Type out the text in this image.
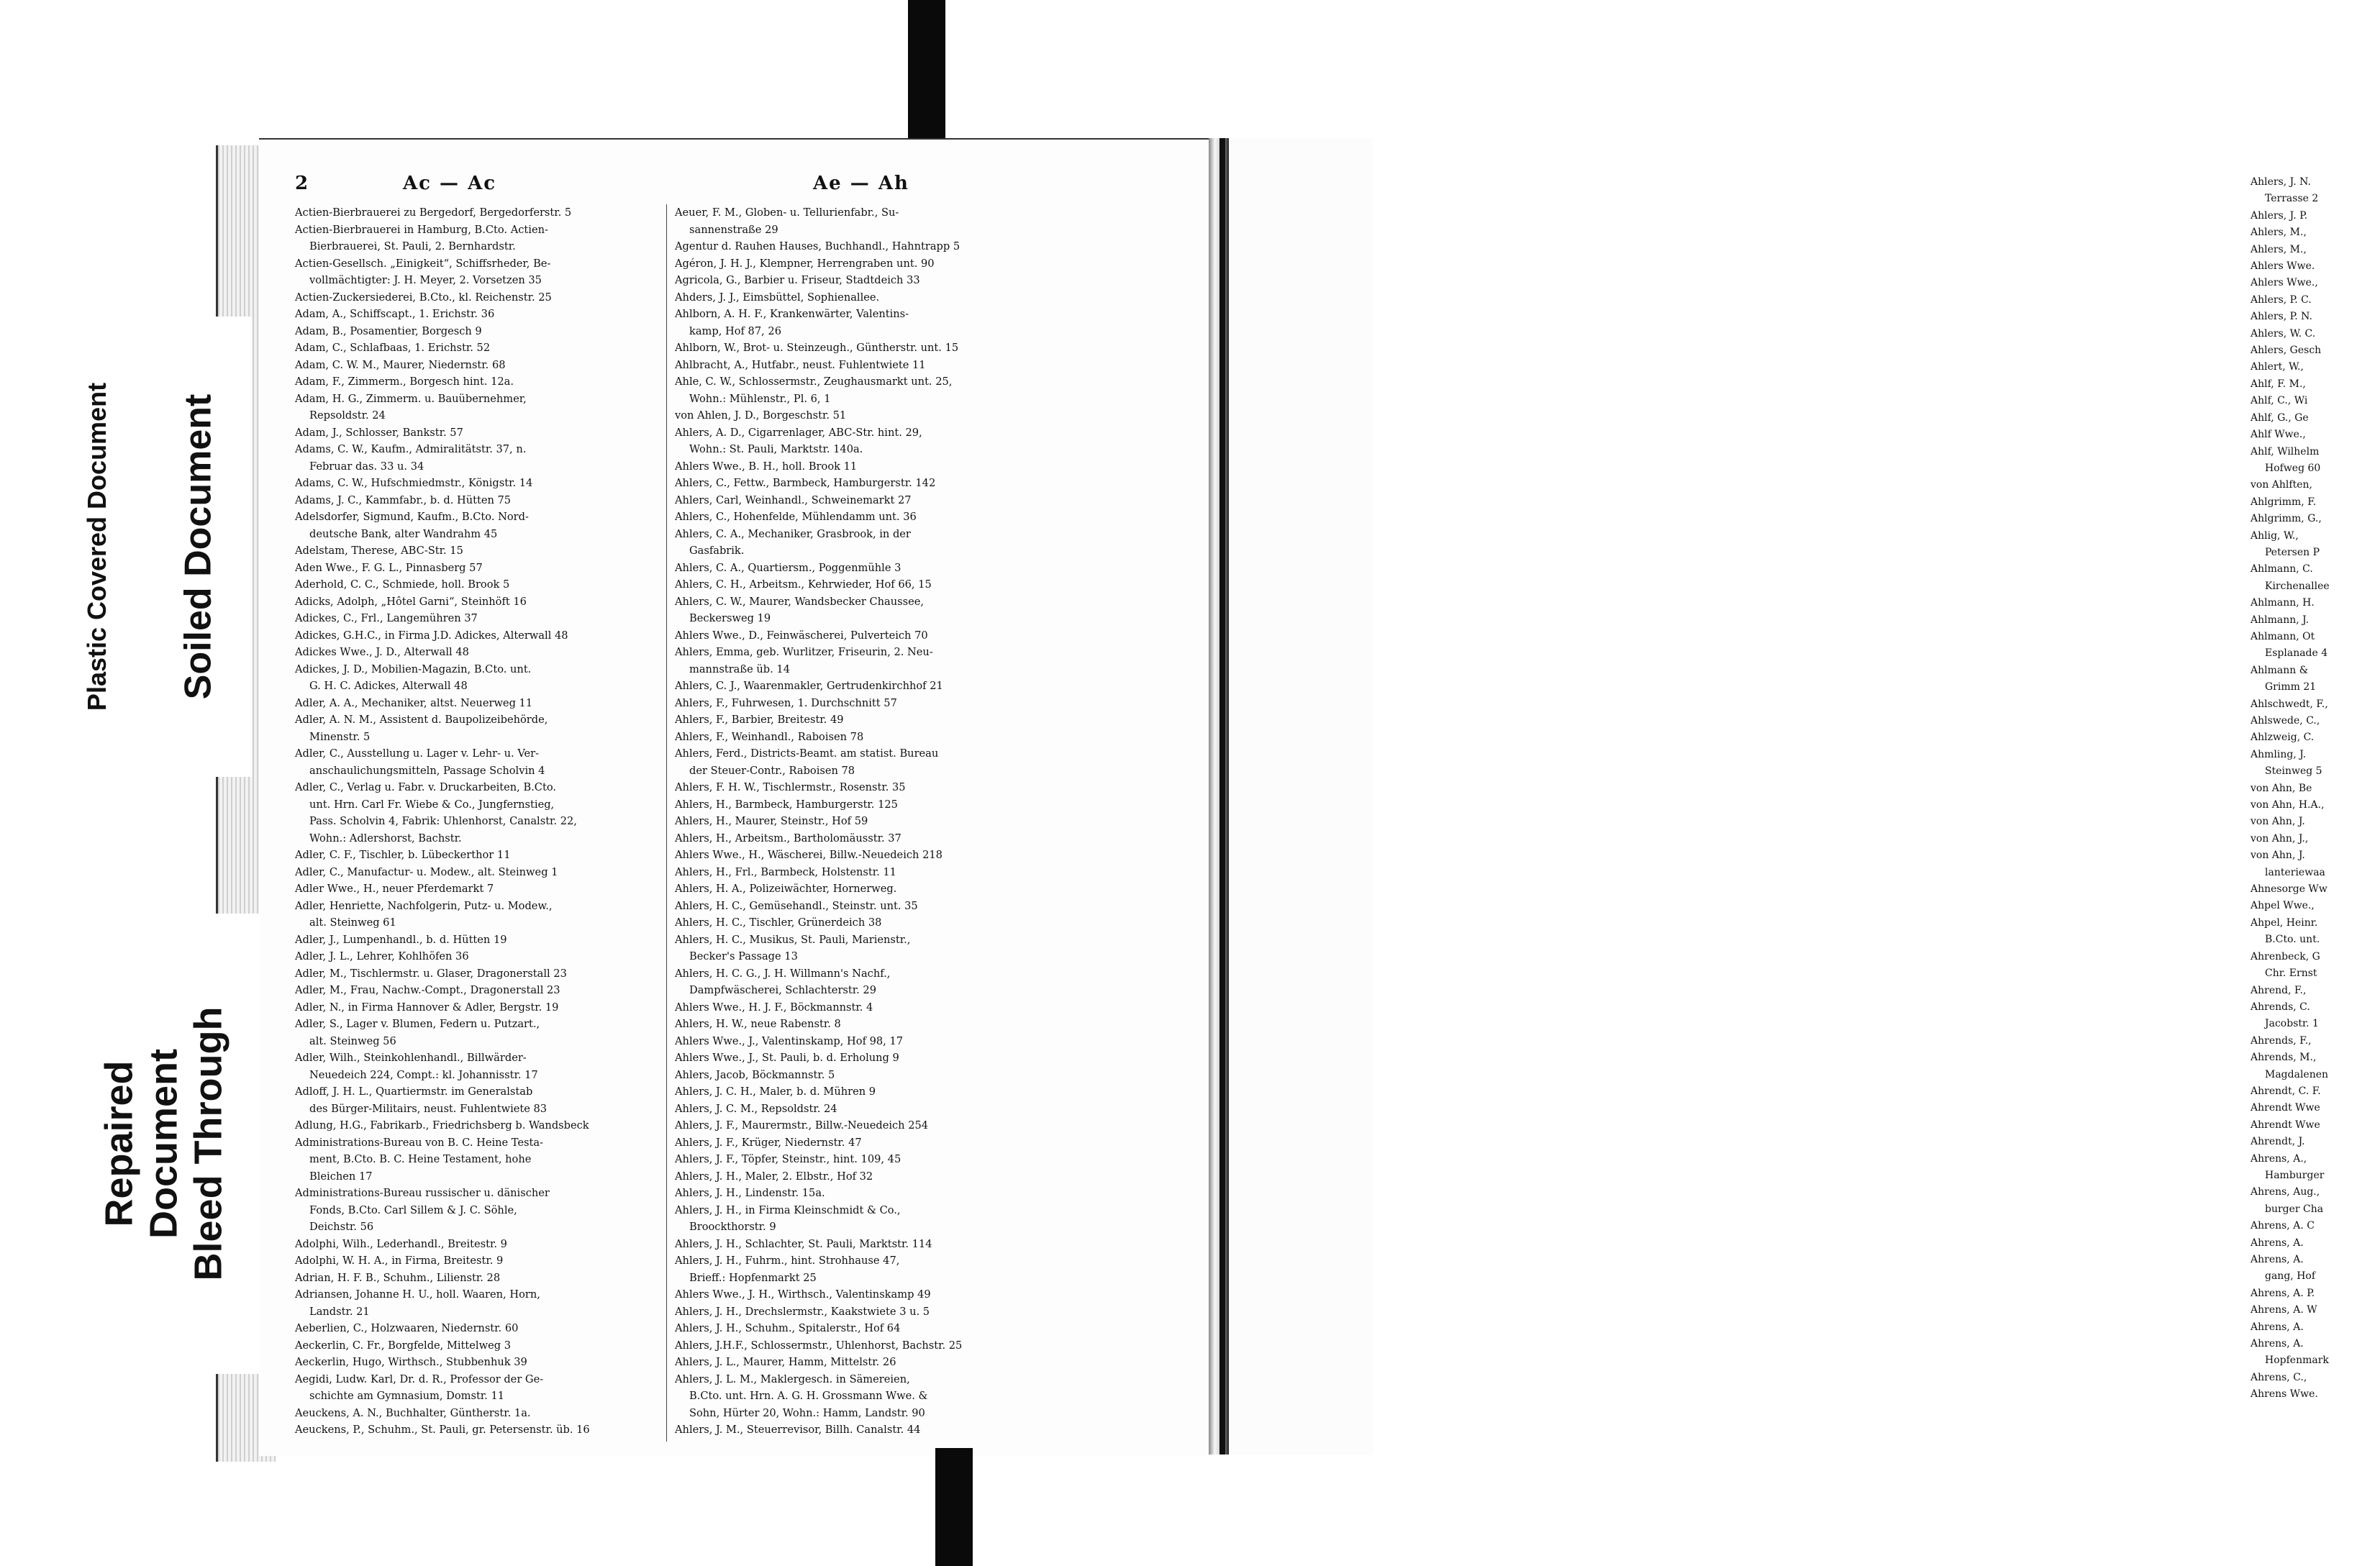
2	Ac — Ac	Ae — Ah

Actien-Bierbrauerei zu Bergedorf, Bergedorferstr. 5

Actien-Bierbrauerei in Hamburg, B.Cto. Actien-

Bierbrauerei, St. Pauli, 2. Bernhardstr.

Actien-Gesellsch. „Einigkeit“, Schiffsrheder, Be-

vollmächtigter: J. H. Meyer, 2. Vorsetzen 35

Actien-Zuckersiederei, B.Cto., kl. Reichenstr. 25

Adam, A., Schiffscapt., 1. Erichstr. 36

Adam, B., Posamentier, Borgesch 9

Adam, C., Schlafbaas, 1. Erichstr. 52

Adam, C. W. M., Maurer, Niedernstr. 68

Adam, F., Zimmerm., Borgesch hint. 12a.

Adam, H. G., Zimmerm. u. Bauübernehmer,

Repsoldstr. 24

Adam, J., Schlosser, Bankstr. 57

Adams, C. W., Kaufm., Admiralitätstr. 37, n.

Februar das. 33 u. 34

Adams, C. W., Hufschmiedmstr., Königstr. 14

Adams, J. C., Kammfabr., b. d. Hütten 75

Adelsdorfer, Sigmund, Kaufm., B.Cto. Nord-

deutsche Bank, alter Wandrahm 45

Adelstam, Therese, ABC-Str. 15

Aden Wwe., F. G. L., Pinnasberg 57

Aderhold, C. C., Schmiede, holl. Brook 5

Adicks, Adolph, „Hôtel Garni“, Steinhöft 16

Adickes, C., Frl., Langemühren 37

Adickes, G.H.C., in Firma J.D. Adickes, Alterwall 48

Adickes Wwe., J. D., Alterwall 48

Adickes, J. D., Mobilien-Magazin, B.Cto. unt.

G. H. C. Adickes, Alterwall 48

Adler, A. A., Mechaniker, altst. Neuerweg 11

Adler, A. N. M., Assistent d. Baupolizeibehörde,

Minenstr. 5

Adler, C., Ausstellung u. Lager v. Lehr- u. Ver-

anschaulichungsmitteln, Passage Scholvin 4

Adler, C., Verlag u. Fabr. v. Druckarbeiten, B.Cto.

unt. Hrn. Carl Fr. Wiebe & Co., Jungfernstieg,

Pass. Scholvin 4, Fabrik: Uhlenhorst, Canalstr. 22,

Wohn.: Adlershorst, Bachstr.

Adler, C. F., Tischler, b. Lübeckerthor 11

Adler, C., Manufactur- u. Modew., alt. Steinweg 1

Adler Wwe., H., neuer Pferdemarkt 7

Adler, Henriette, Nachfolgerin, Putz- u. Modew.,

alt. Steinweg 61

Adler, J., Lumpenhandl., b. d. Hütten 19

Adler, J. L., Lehrer, Kohlhöfen 36

Adler, M., Tischlermstr. u. Glaser, Dragonerstall 23

Adler, M., Frau, Nachw.-Compt., Dragonerstall 23

Adler, N., in Firma Hannover & Adler, Bergstr. 19

Adler, S., Lager v. Blumen, Federn u. Putzart.,

alt. Steinweg 56

Adler, Wilh., Steinkohlenhandl., Billwärder-

Neuedeich 224, Compt.: kl. Johannisstr. 17

Adloff, J. H. L., Quartiermstr. im Generalstab

des Bürger-Militairs, neust. Fuhlentwiete 83

Adlung, H.G., Fabrikarb., Friedrichsberg b. Wandsbeck

Administrations-Bureau von B. C. Heine Testa-

ment, B.Cto. B. C. Heine Testament, hohe

Bleichen 17

Administrations-Bureau russischer u. dänischer

Fonds, B.Cto. Carl Sillem & J. C. Söhle,

Deichstr. 56

Adolphi, Wilh., Lederhandl., Breitestr. 9

Adolphi, W. H. A., in Firma, Breitestr. 9

Adrian, H. F. B., Schuhm., Lilienstr. 28

Adriansen, Johanne H. U., holl. Waaren, Horn,

Landstr. 21

Aeberlien, C., Holzwaaren, Niedernstr. 60

Aeckerlin, C. Fr., Borgfelde, Mittelweg 3

Aeckerlin, Hugo, Wirthsch., Stubbenhuk 39

Aegidi, Ludw. Karl, Dr. d. R., Professor der Ge-

schichte am Gymnasium, Domstr. 11

Aeuckens, A. N., Buchhalter, Güntherstr. 1a.

Aeuckens, P., Schuhm., St. Pauli, gr. Petersenstr. üb. 16

Aeuer, F. M., Globen- u. Tellurienfabr., Su-

sannenstraße 29

Agentur d. Rauhen Hauses, Buchhandl., Hahntrapp 5

Agéron, J. H. J., Klempner, Herrengraben unt. 90

Agricola, G., Barbier u. Friseur, Stadtdeich 33

Ahders, J. J., Eimsbüttel, Sophienallee.

Ahlborn, A. H. F., Krankenwärter, Valentins-

kamp, Hof 87, 26

Ahlborn, W., Brot- u. Steinzeugh., Güntherstr. unt. 15

Ahlbracht, A., Hutfabr., neust. Fuhlentwiete 11

Ahle, C. W., Schlossermstr., Zeughausmarkt unt. 25,

Wohn.: Mühlenstr., Pl. 6, 1

von Ahlen, J. D., Borgeschstr. 51

Ahlers, A. D., Cigarrenlager, ABC-Str. hint. 29,

Wohn.: St. Pauli, Marktstr. 140a.

Ahlers Wwe., B. H., holl. Brook 11

Ahlers, C., Fettw., Barmbeck, Hamburgerstr. 142

Ahlers, Carl, Weinhandl., Schweinemarkt 27

Ahlers, C., Hohenfelde, Mühlendamm unt. 36

Ahlers, C. A., Mechaniker, Grasbrook, in der

Gasfabrik.

Ahlers, C. A., Quartiersm., Poggenmühle 3

Ahlers, C. H., Arbeitsm., Kehrwieder, Hof 66, 15

Ahlers, C. W., Maurer, Wandsbecker Chaussee,

Beckersweg 19

Ahlers Wwe., D., Feinwäscherei, Pulverteich 70

Ahlers, Emma, geb. Wurlitzer, Friseurin, 2. Neu-

mannstraße üb. 14

Ahlers, C. J., Waarenmakler, Gertrudenkirchhof 21

Ahlers, F., Fuhrwesen, 1. Durchschnitt 57

Ahlers, F., Barbier, Breitestr. 49

Ahlers, F., Weinhandl., Raboisen 78

Ahlers, Ferd., Districts-Beamt. am statist. Bureau

der Steuer-Contr., Raboisen 78

Ahlers, F. H. W., Tischlermstr., Rosenstr. 35

Ahlers, H., Barmbeck, Hamburgerstr. 125

Ahlers, H., Maurer, Steinstr., Hof 59

Ahlers, H., Arbeitsm., Bartholomäusstr. 37

Ahlers Wwe., H., Wäscherei, Billw.-Neuedeich 218

Ahlers, H., Frl., Barmbeck, Holstenstr. 11

Ahlers, H. A., Polizeiwächter, Hornerweg.

Ahlers, H. C., Gemüsehandl., Steinstr. unt. 35

Ahlers, H. C., Tischler, Grünerdeich 38

Ahlers, H. C., Musikus, St. Pauli, Marienstr.,

Becker's Passage 13

Ahlers, H. C. G., J. H. Willmann's Nachf.,

Dampfwäscherei, Schlachterstr. 29

Ahlers Wwe., H. J. F., Böckmannstr. 4

Ahlers, H. W., neue Rabenstr. 8

Ahlers Wwe., J., Valentinskamp, Hof 98, 17

Ahlers Wwe., J., St. Pauli, b. d. Erholung 9

Ahlers, Jacob, Böckmannstr. 5

Ahlers, J. C. H., Maler, b. d. Mühren 9

Ahlers, J. C. M., Repsoldstr. 24

Ahlers, J. F., Maurermstr., Billw.-Neuedeich 254

Ahlers, J. F., Krüger, Niedernstr. 47

Ahlers, J. F., Töpfer, Steinstr., hint. 109, 45

Ahlers, J. H., Maler, 2. Elbstr., Hof 32

Ahlers, J. H., Lindenstr. 15a.

Ahlers, J. H., in Firma Kleinschmidt & Co.,

Broockthorstr. 9

Ahlers, J. H., Schlachter, St. Pauli, Marktstr. 114

Ahlers, J. H., Fuhrm., hint. Strohhause 47,

Brieff.: Hopfenmarkt 25

Ahlers Wwe., J. H., Wirthsch., Valentinskamp 49

Ahlers, J. H., Drechslermstr., Kaakstwiete 3 u. 5

Ahlers, J. H., Schuhm., Spitalerstr., Hof 64

Ahlers, J.H.F., Schlossermstr., Uhlenhorst, Bachstr. 25

Ahlers, J. L., Maurer, Hamm, Mittelstr. 26

Ahlers, J. L. M., Maklergesch. in Sämereien,

B.Cto. unt. Hrn. A. G. H. Grossmann Wwe. &

Sohn, Hürter 20, Wohn.: Hamm, Landstr. 90

Ahlers, J. M., Steuerrevisor, Billh. Canalstr. 44

Ahlers, J. N.

Terrasse 2

Ahlers, J. P.

Ahlers, M.,

Ahlers, M.,

Ahlers Wwe.

Ahlers Wwe.,

Ahlers, P. C.

Ahlers, P. N.

Ahlers, W. C.

Ahlers, Gesch

Ahlert, W.,

Ahlf, F. M.,

Ahlf, C., Wi

Ahlf, G., Ge

Ahlf Wwe.,

Ahlf, Wilhelm

Hofweg 60

von Ahlften,

Ahlgrimm, F.

Ahlgrimm, G.,

Ahlig, W.,

Petersen P

Ahlmann, C.

Kirchenallee

Ahlmann, H.

Ahlmann, J.

Ahlmann, Ot

Esplanade 4

Ahlmann &

Grimm 21

Ahlschwedt, F.,

Ahlswede, C.,

Ahlzweig, C.

Ahmling, J.

Steinweg 5

von Ahn, Be

von Ahn, H.A.,

von Ahn, J.

von Ahn, J.,

von Ahn, J.

lanteriewaa

Ahnesorge Ww

Ahpel Wwe.,

Ahpel, Heinr.

B.Cto. unt.

Ahrenbeck, G

Chr. Ernst

Ahrend, F.,

Ahrends, C.

Jacobstr. 1

Ahrends, F.,

Ahrends, M.,

Magdalenen

Ahrendt, C. F.

Ahrendt Wwe

Ahrendt Wwe

Ahrendt, J.

Ahrens, A.,

Hamburger

Ahrens, Aug.,

burger Cha

Ahrens, A. C

Ahrens, A.

Ahrens, A.

gang, Hof

Ahrens, A. P.

Ahrens, A. W

Ahrens, A.

Ahrens, A.

Hopfenmark

Ahrens, C.,

Ahrens Wwe.

Plastic Covered Document Soiled Document
Repaired Document Bleed Through
